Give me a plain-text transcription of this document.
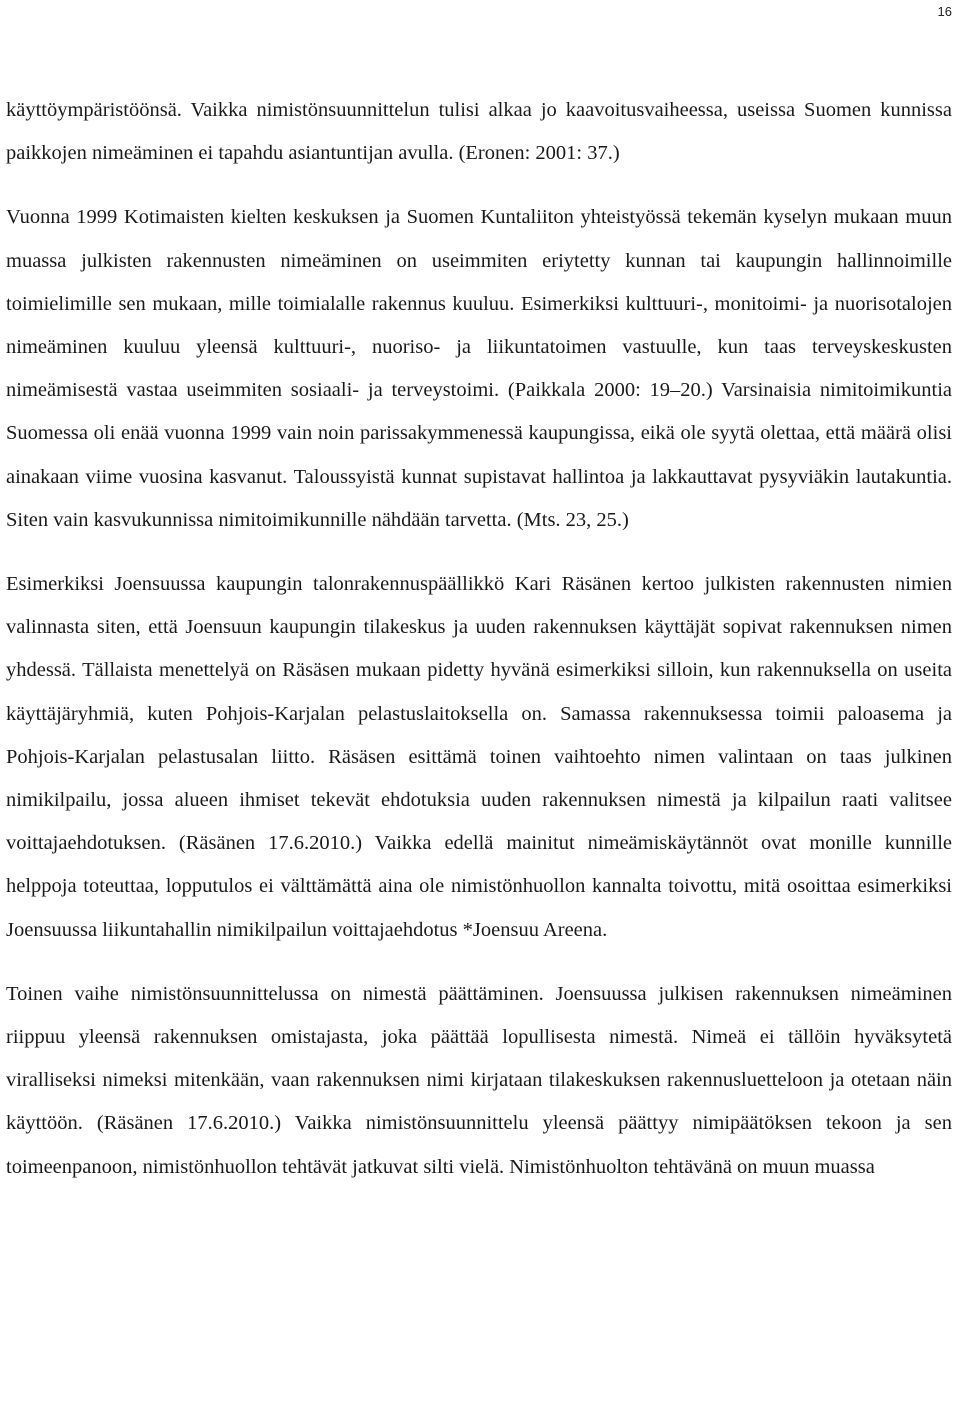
16

käyttöympäristöönsä. Vaikka nimistönsuunnittelun tulisi alkaa jo kaavoitusvaiheessa, useissa Suomen kunnissa paikkojen nimeäminen ei tapahdu asiantuntijan avulla. (Eronen: 2001: 37.)

Vuonna 1999 Kotimaisten kielten keskuksen ja Suomen Kuntaliiton yhteistyössä tekemän kyselyn mukaan muun muassa julkisten rakennusten nimeäminen on useimmiten eriytetty kunnan tai kaupungin hallinnoimille toimielimille sen mukaan, mille toimialalle rakennus kuuluu. Esimerkiksi kulttuuri-, monitoimi- ja nuorisotalojen nimeäminen kuuluu yleensä kulttuuri-, nuoriso- ja liikuntatoimen vastuulle, kun taas terveyskeskusten nimeämisestä vastaa useimmiten sosiaali- ja terveystoimi. (Paikkala 2000: 19–20.) Varsinaisia nimitoimikuntia Suomessa oli enää vuonna 1999 vain noin parissakymmenessä kaupungissa, eikä ole syytä olettaa, että määrä olisi ainakaan viime vuosina kasvanut. Taloussyistä kunnat supistavat hallintoa ja lakkauttavat pysyviäkin lautakuntia. Siten vain kasvukunnissa nimitoimikunnille nähdään tarvetta. (Mts. 23, 25.)

Esimerkiksi Joensuussa kaupungin talonrakennuspäällikkö Kari Räsänen kertoo julkisten rakennusten nimien valinnasta siten, että Joensuun kaupungin tilakeskus ja uuden rakennuksen käyttäjät sopivat rakennuksen nimen yhdessä. Tällaista menettelyä on Räsäsen mukaan pidetty hyvänä esimerkiksi silloin, kun rakennuksella on useita käyttäjäryhmiä, kuten Pohjois-Karjalan pelastuslaitoksella on. Samassa rakennuksessa toimii paloasema ja Pohjois-Karjalan pelastusalan liitto. Räsäsen esittämä toinen vaihtoehto nimen valintaan on taas julkinen nimikilpailu, jossa alueen ihmiset tekevät ehdotuksia uuden rakennuksen nimestä ja kilpailun raati valitsee voittajaehdotuksen. (Räsänen 17.6.2010.) Vaikka edellä mainitut nimeämiskäytännöt ovat monille kunnille helppoja toteuttaa, lopputulos ei välttämättä aina ole nimistönhuollon kannalta toivottu, mitä osoittaa esimerkiksi Joensuussa liikuntahallin nimikilpailun voittajaehdotus *Joensuu Areena.

Toinen vaihe nimistönsuunnittelussa on nimestä päättäminen. Joensuussa julkisen rakennuksen nimeäminen riippuu yleensä rakennuksen omistajasta, joka päättää lopullisesta nimestä. Nimeä ei tällöin hyväksytetä viralliseksi nimeksi mitenkään, vaan rakennuksen nimi kirjataan tilakeskuksen rakennusluetteloon ja otetaan näin käyttöön. (Räsänen 17.6.2010.) Vaikka nimistönsuunnittelu yleensä päättyy nimipäätöksen tekoon ja sen toimeenpanoon, nimistönhuollon tehtävät jatkuvat silti vielä. Nimistönhuolton tehtävänä on muun muassa
